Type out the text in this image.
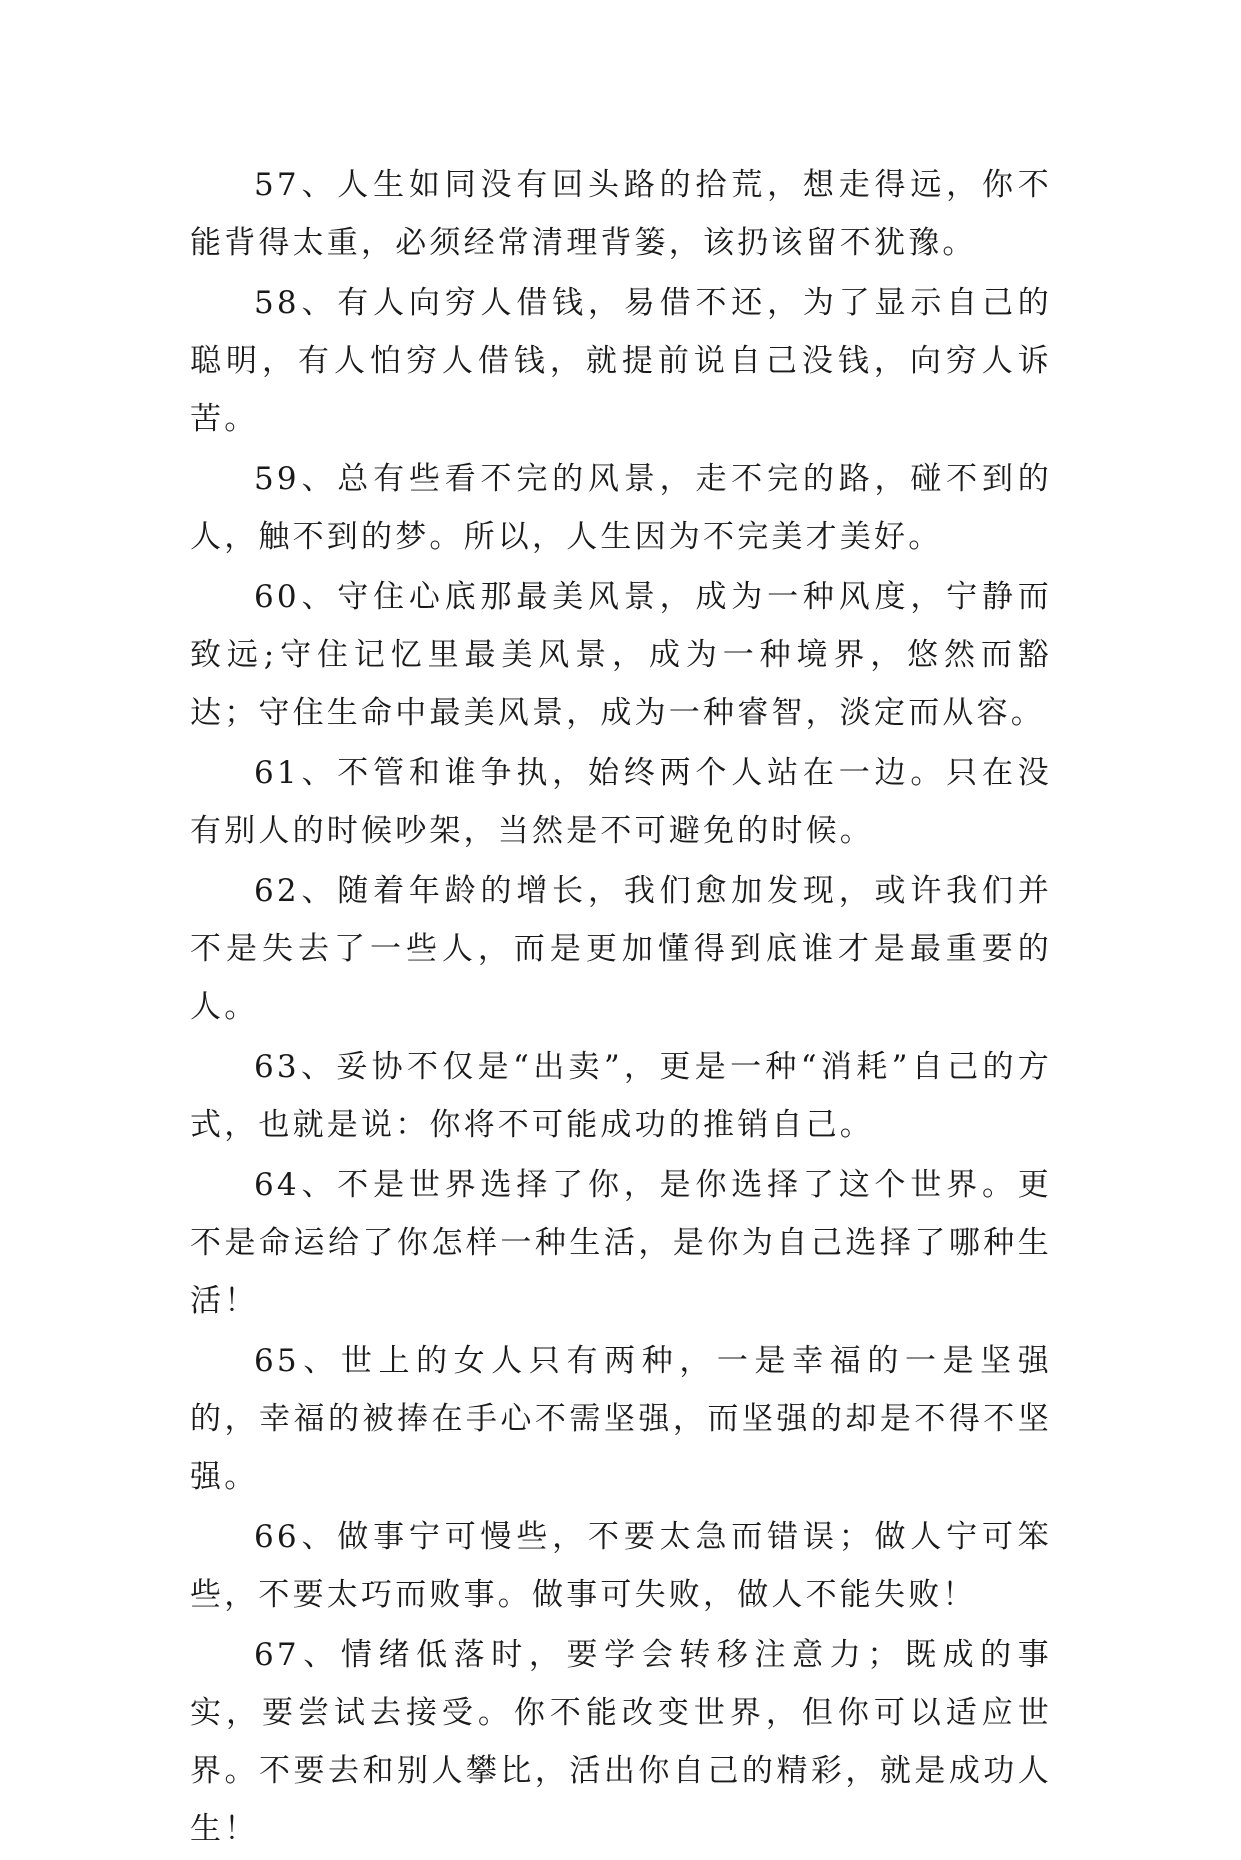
57、人生如同没有回头路的拾荒，想走得远，你不能背得太重，必须经常清理背篓，该扔该留不犹豫。

58、有人向穷人借钱，易借不还，为了显示自己的聪明，有人怕穷人借钱，就提前说自己没钱，向穷人诉苦。

59、总有些看不完的风景，走不完的路，碰不到的人，触不到的梦。所以，人生因为不完美才美好。

60、守住心底那最美风景，成为一种风度，宁静而致远;守住记忆里最美风景，成为一种境界，悠然而豁达；守住生命中最美风景，成为一种睿智，淡定而从容。

61、不管和谁争执，始终两个人站在一边。只在没有别人的时候吵架，当然是不可避免的时候。

62、随着年龄的增长，我们愈加发现，或许我们并不是失去了一些人，而是更加懂得到底谁才是最重要的人。

63、妥协不仅是“出卖”，更是一种“消耗”自己的方式，也就是说：你将不可能成功的推销自己。

64、不是世界选择了你，是你选择了这个世界。更不是命运给了你怎样一种生活，是你为自己选择了哪种生活！

65、世上的女人只有两种，一是幸福的一是坚强的，幸福的被捧在手心不需坚强，而坚强的却是不得不坚强。

66、做事宁可慢些，不要太急而错误；做人宁可笨些，不要太巧而败事。做事可失败，做人不能失败！

67、情绪低落时，要学会转移注意力；既成的事实，要尝试去接受。你不能改变世界，但你可以适应世界。不要去和别人攀比，活出你自己的精彩，就是成功人生！
